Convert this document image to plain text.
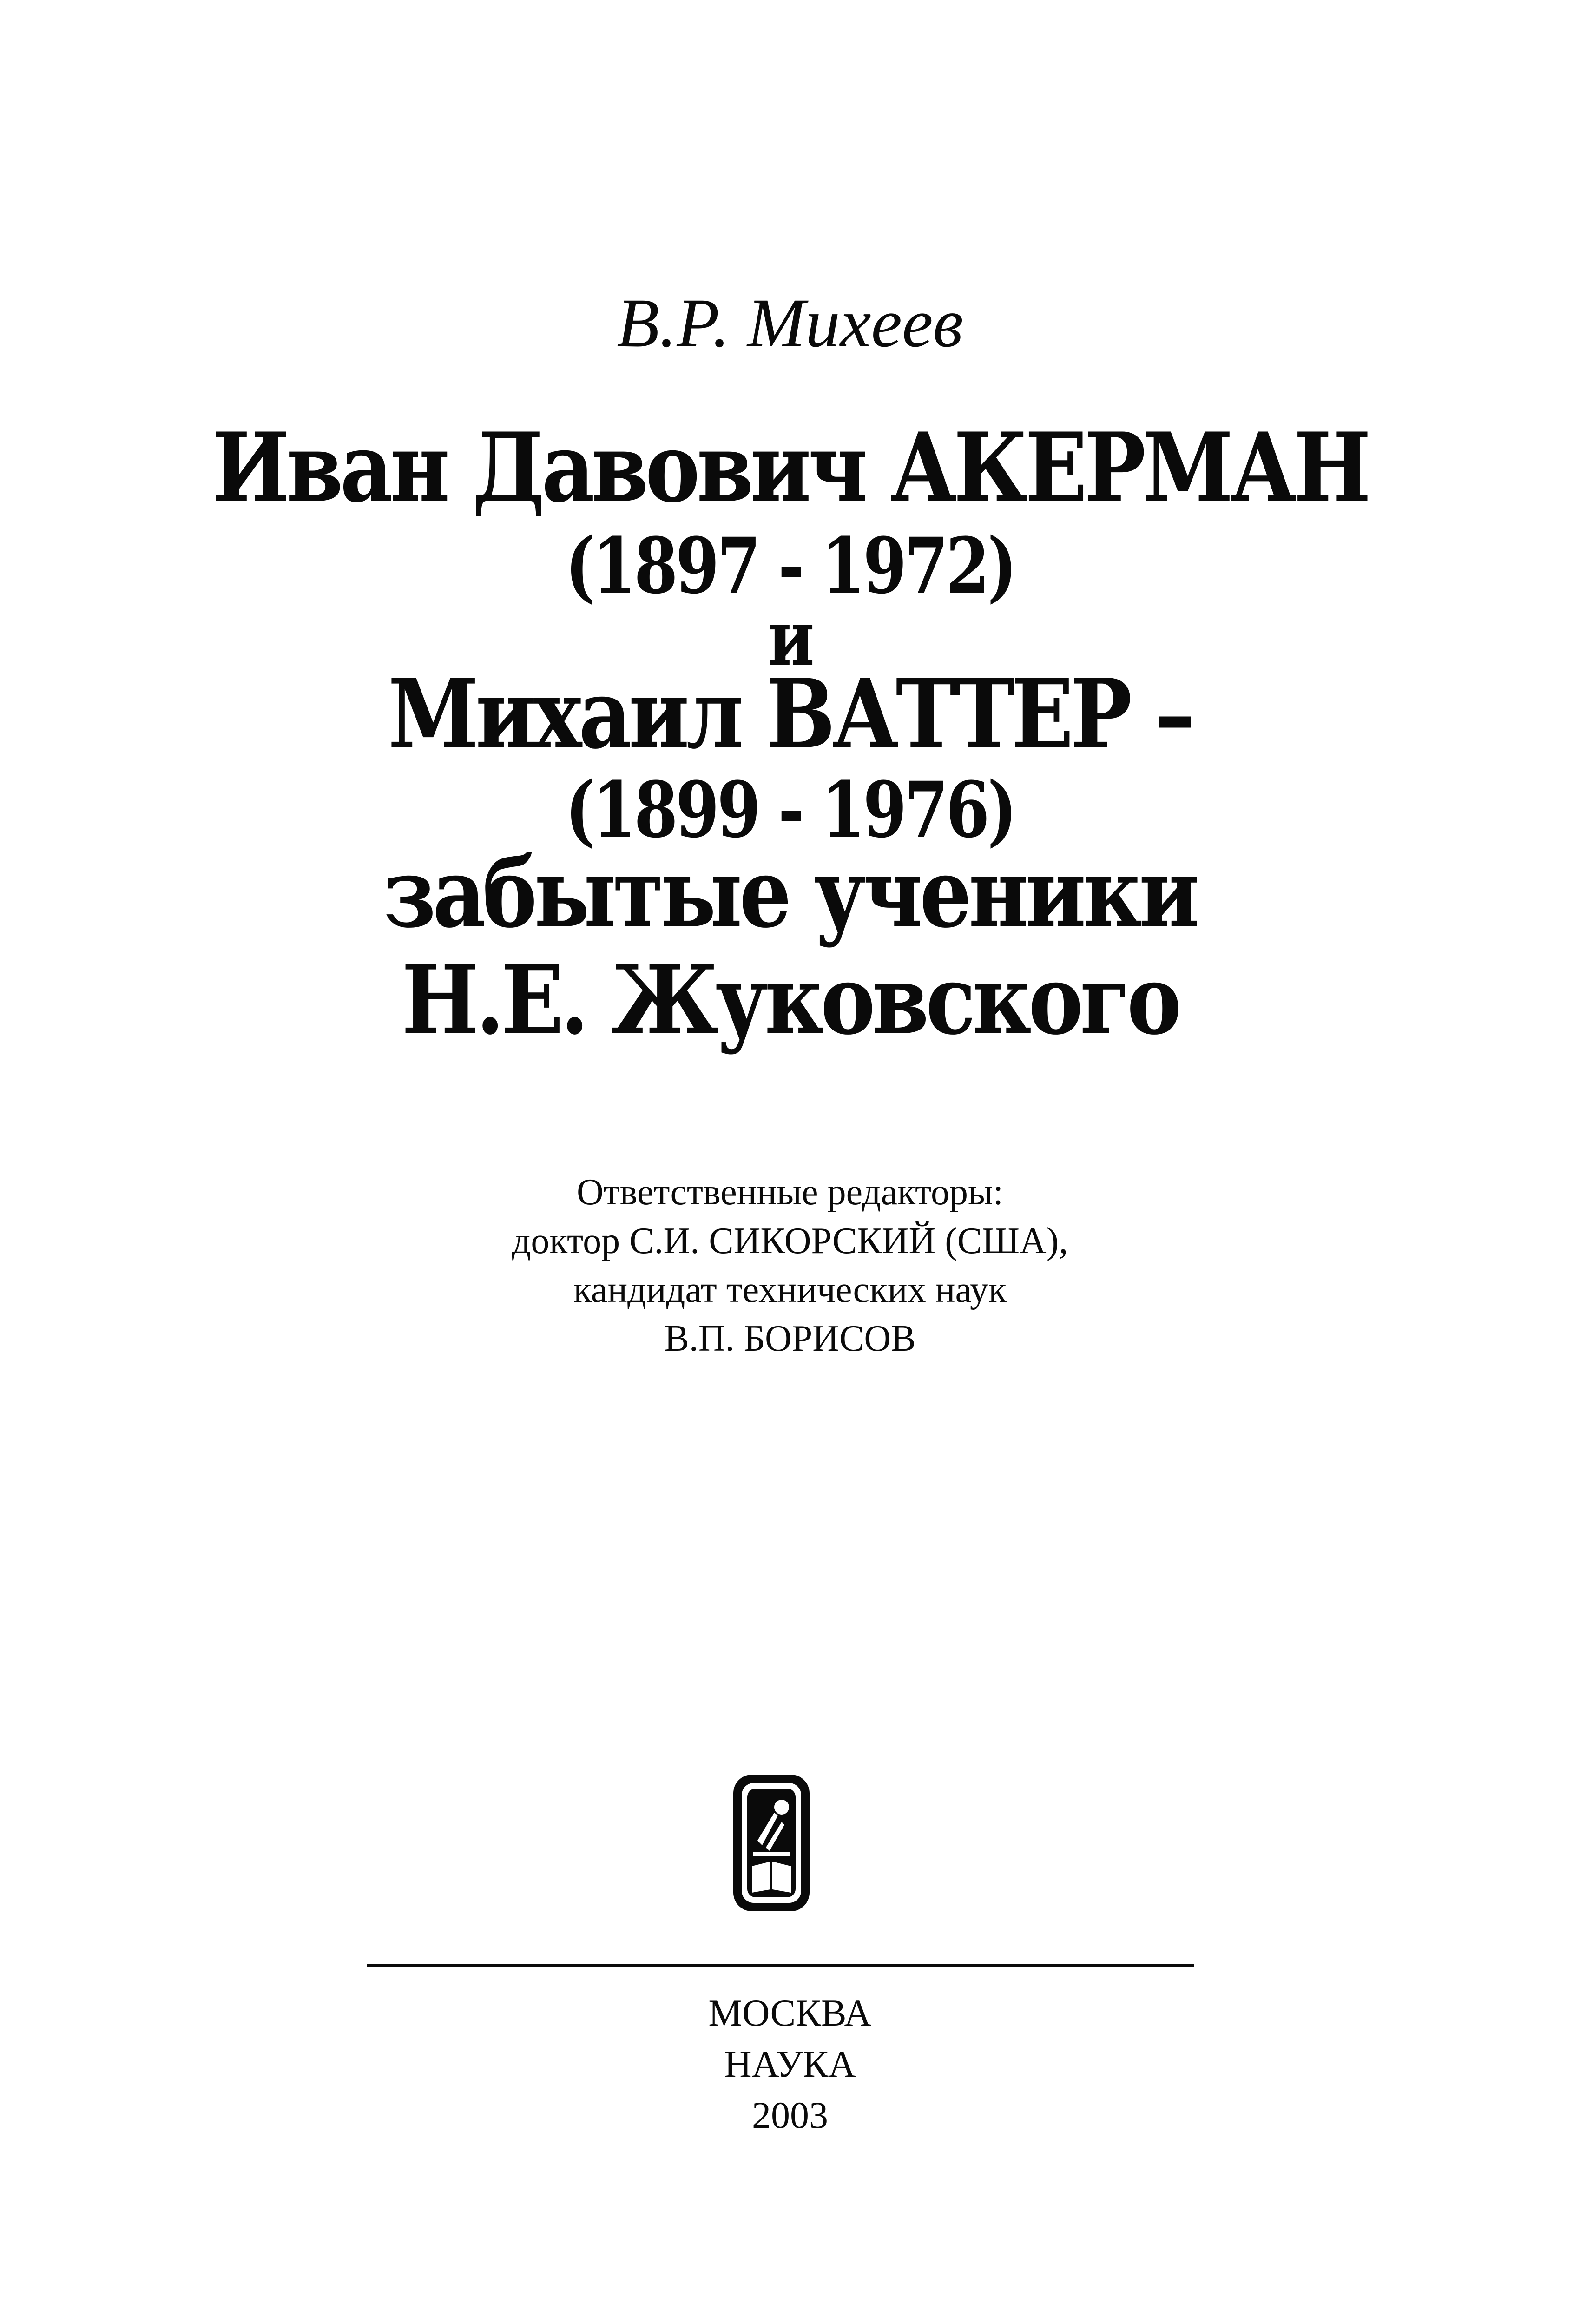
В.Р. Михеев
Иван Давович АКЕРМАН
(1897 - 1972)
и
Михаил ВАТТЕР –
(1899 - 1976)
забытые ученики
Н.Е. Жуковского
Ответственные редакторы:
доктор С.И. СИКОРСКИЙ (США),
кандидат технических наук
В.П. БОРИСОВ
МОСКВА
НАУКА
2003
